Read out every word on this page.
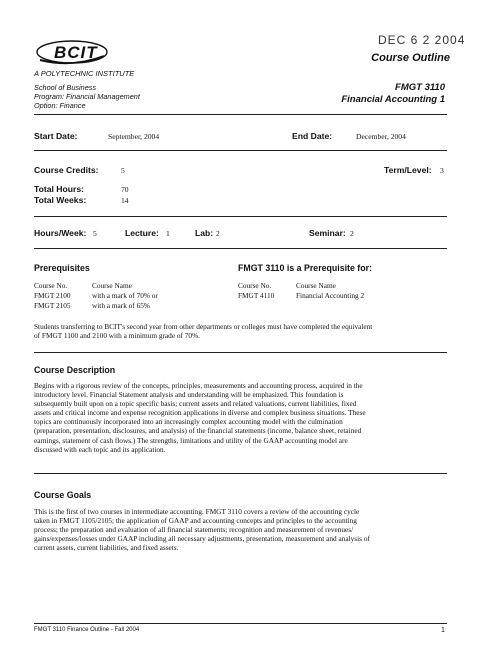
DEC 6 2 2004
BCIT
A POLYTECHNIC INSTITUTE
Course Outline
School of Business
Program: Financial Management
Option: Finance
FMGT 3110
Financial Accounting 1
Start Date:	September, 2004	End Date:	December, 2004
Course Credits:	5	Term/Level: 3
Total Hours:	70
Total Weeks:	14
Hours/Week: 5	Lecture: 1	Lab: 2	Seminar: 2
Prerequisites
Course No.	Course Name
FMGT 2100	with a mark of 70% or
FMGT 2105	with a mark of 65%
FMGT 3110 is a Prerequisite for:
Course No.	Course Name
FMGT 4110	Financial Accounting 2

Students transferring to BCIT's second year from other departments or colleges must have completed the equivalent

of FMGT 1100 and 2100 with a minimum grade of 70%.

Course Description

Begins with a rigorous review of the concepts, principles, measurements and accounting process, acquired in the

introductory level. Financial Statement analysis and understanding will be emphasized. This foundation is

subsequently built upon on a topic specific basis; current assets and related valuations, current liabilities, fixed

assets and critical income and expense recognition applications in diverse and complex business situations. These

topics are continuously incorporated into an increasingly complex accounting model with the culmination

(preparation, presentation, disclosures, and analysis) of the financial statements (income, balance sheet, retained

earnings, statement of cash flows.) The strengths, limitations and utility of the GAAP accounting model are

discussed with each topic and its application.

Course Goals

This is the first of two courses in intermediate accounting. FMGT 3110 covers a review of the accounting cycle

taken in FMGT 1105/2105; the application of GAAP and accounting concepts and principles to the accounting

process; the preparation and evaluation of all financial statements; recognition and measurement of revenues/

gains/expenses/losses under GAAP including all necessary adjustments, presentation, measurement and analysis of

current assets, current liabilities, and fixed assets.

FMGT 3110 Finance Outline - Fall 2004	1
